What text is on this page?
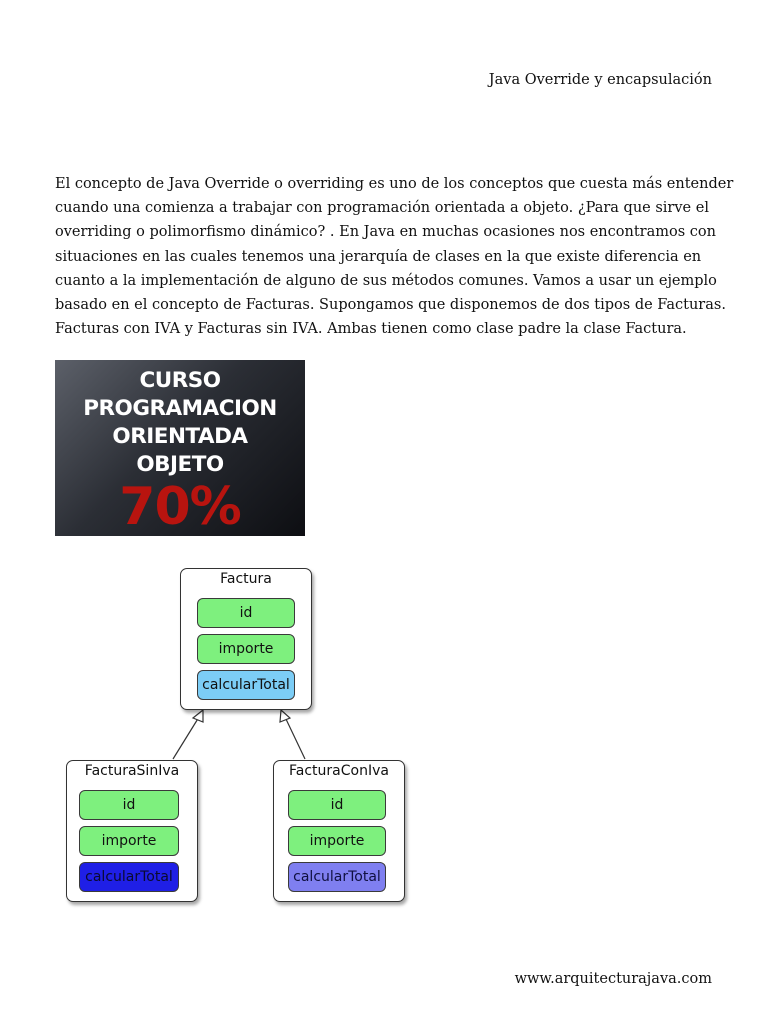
Java Override y encapsulación
El concepto de Java Override o overriding es uno de los conceptos que cuesta más entender
cuando una comienza a trabajar con programación orientada a objeto. ¿Para que sirve el
overriding o polimorfismo dinámico? . En Java en muchas ocasiones nos encontramos con
situaciones en las cuales tenemos una jerarquía de clases en la que existe diferencia en
cuanto a la implementación de alguno de sus métodos comunes. Vamos a usar un ejemplo
basado en el concepto de Facturas. Supongamos que disponemos de dos tipos de Facturas.
Facturas con IVA y Facturas sin IVA. Ambas tienen como clase padre la clase Factura.
CURSO
PROGRAMACION
ORIENTADA
OBJETO
70%
Factura
id
importe
calcularTotal
FacturaSinIva
id
importe
calcularTotal
FacturaConIva
id
importe
calcularTotal
www.arquitecturajava.com
